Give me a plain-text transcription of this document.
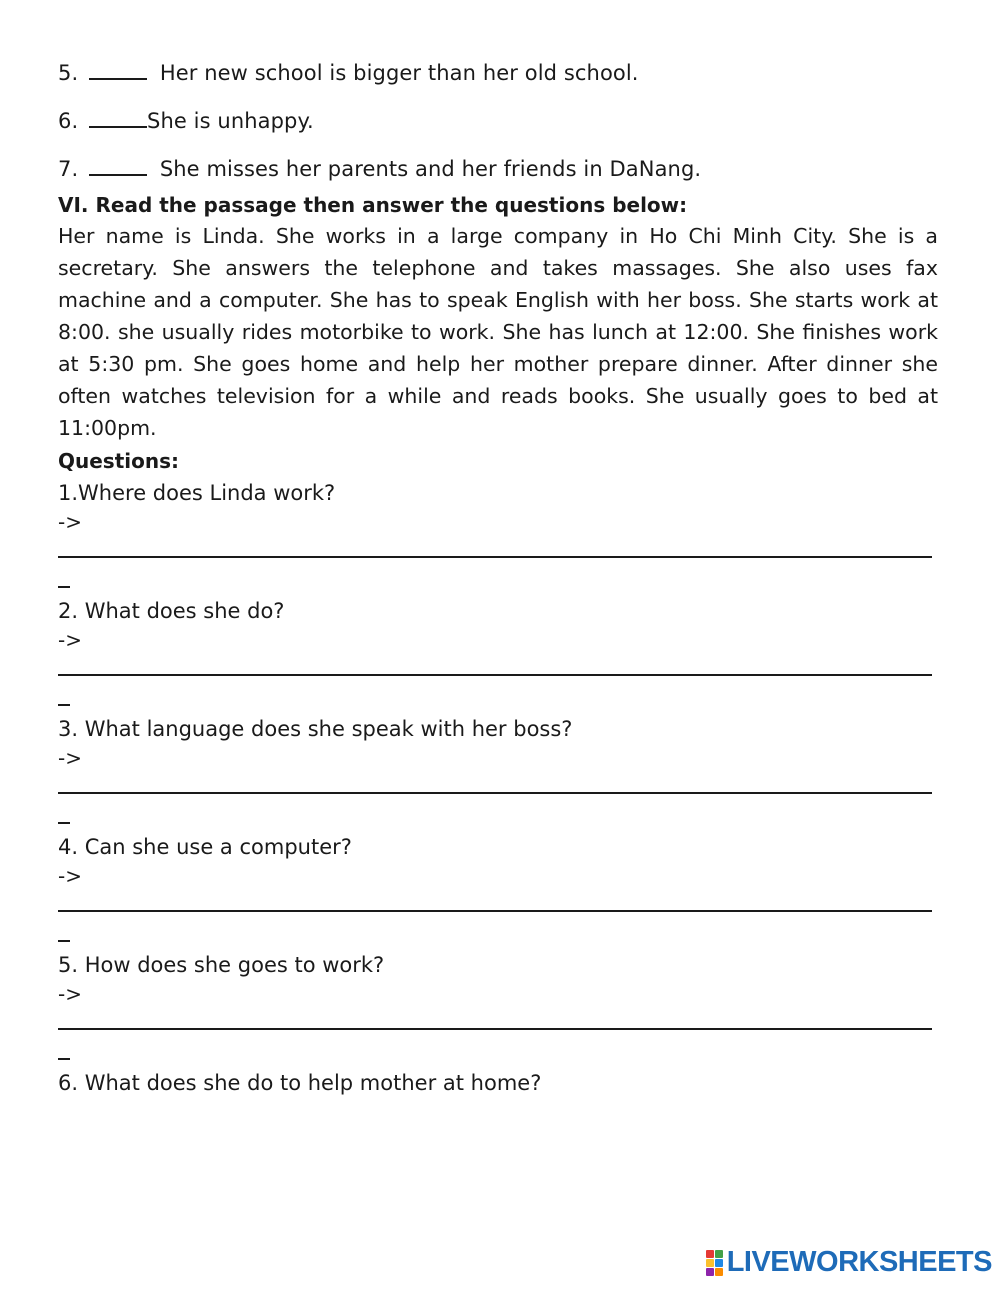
5.	Her new school is bigger than her old school.
6.	She is unhappy.
7.	She misses her parents and her friends in DaNang.
VI. Read the passage then answer the questions below:
Her name is Linda. She works in a large company in Ho Chi Minh City. She is a secretary. She answers the telephone and takes massages. She also uses fax machine and a computer. She has to speak English with her boss. She starts work at 8:00. she usually rides motorbike to work. She has lunch at 12:00. She finishes work at 5:30 pm. She goes home and help her mother prepare dinner. After dinner she often watches television for a while and reads books. She usually goes to bed at 11:00pm.
Questions:
1.Where does Linda work?
->
2. What does she do?
->
3. What language does she speak with her boss?
->
4. Can she use a computer?
->
5. How does she goes to work?
->
6. What does she do to help mother at home?
LIVEWORKSHEETS
